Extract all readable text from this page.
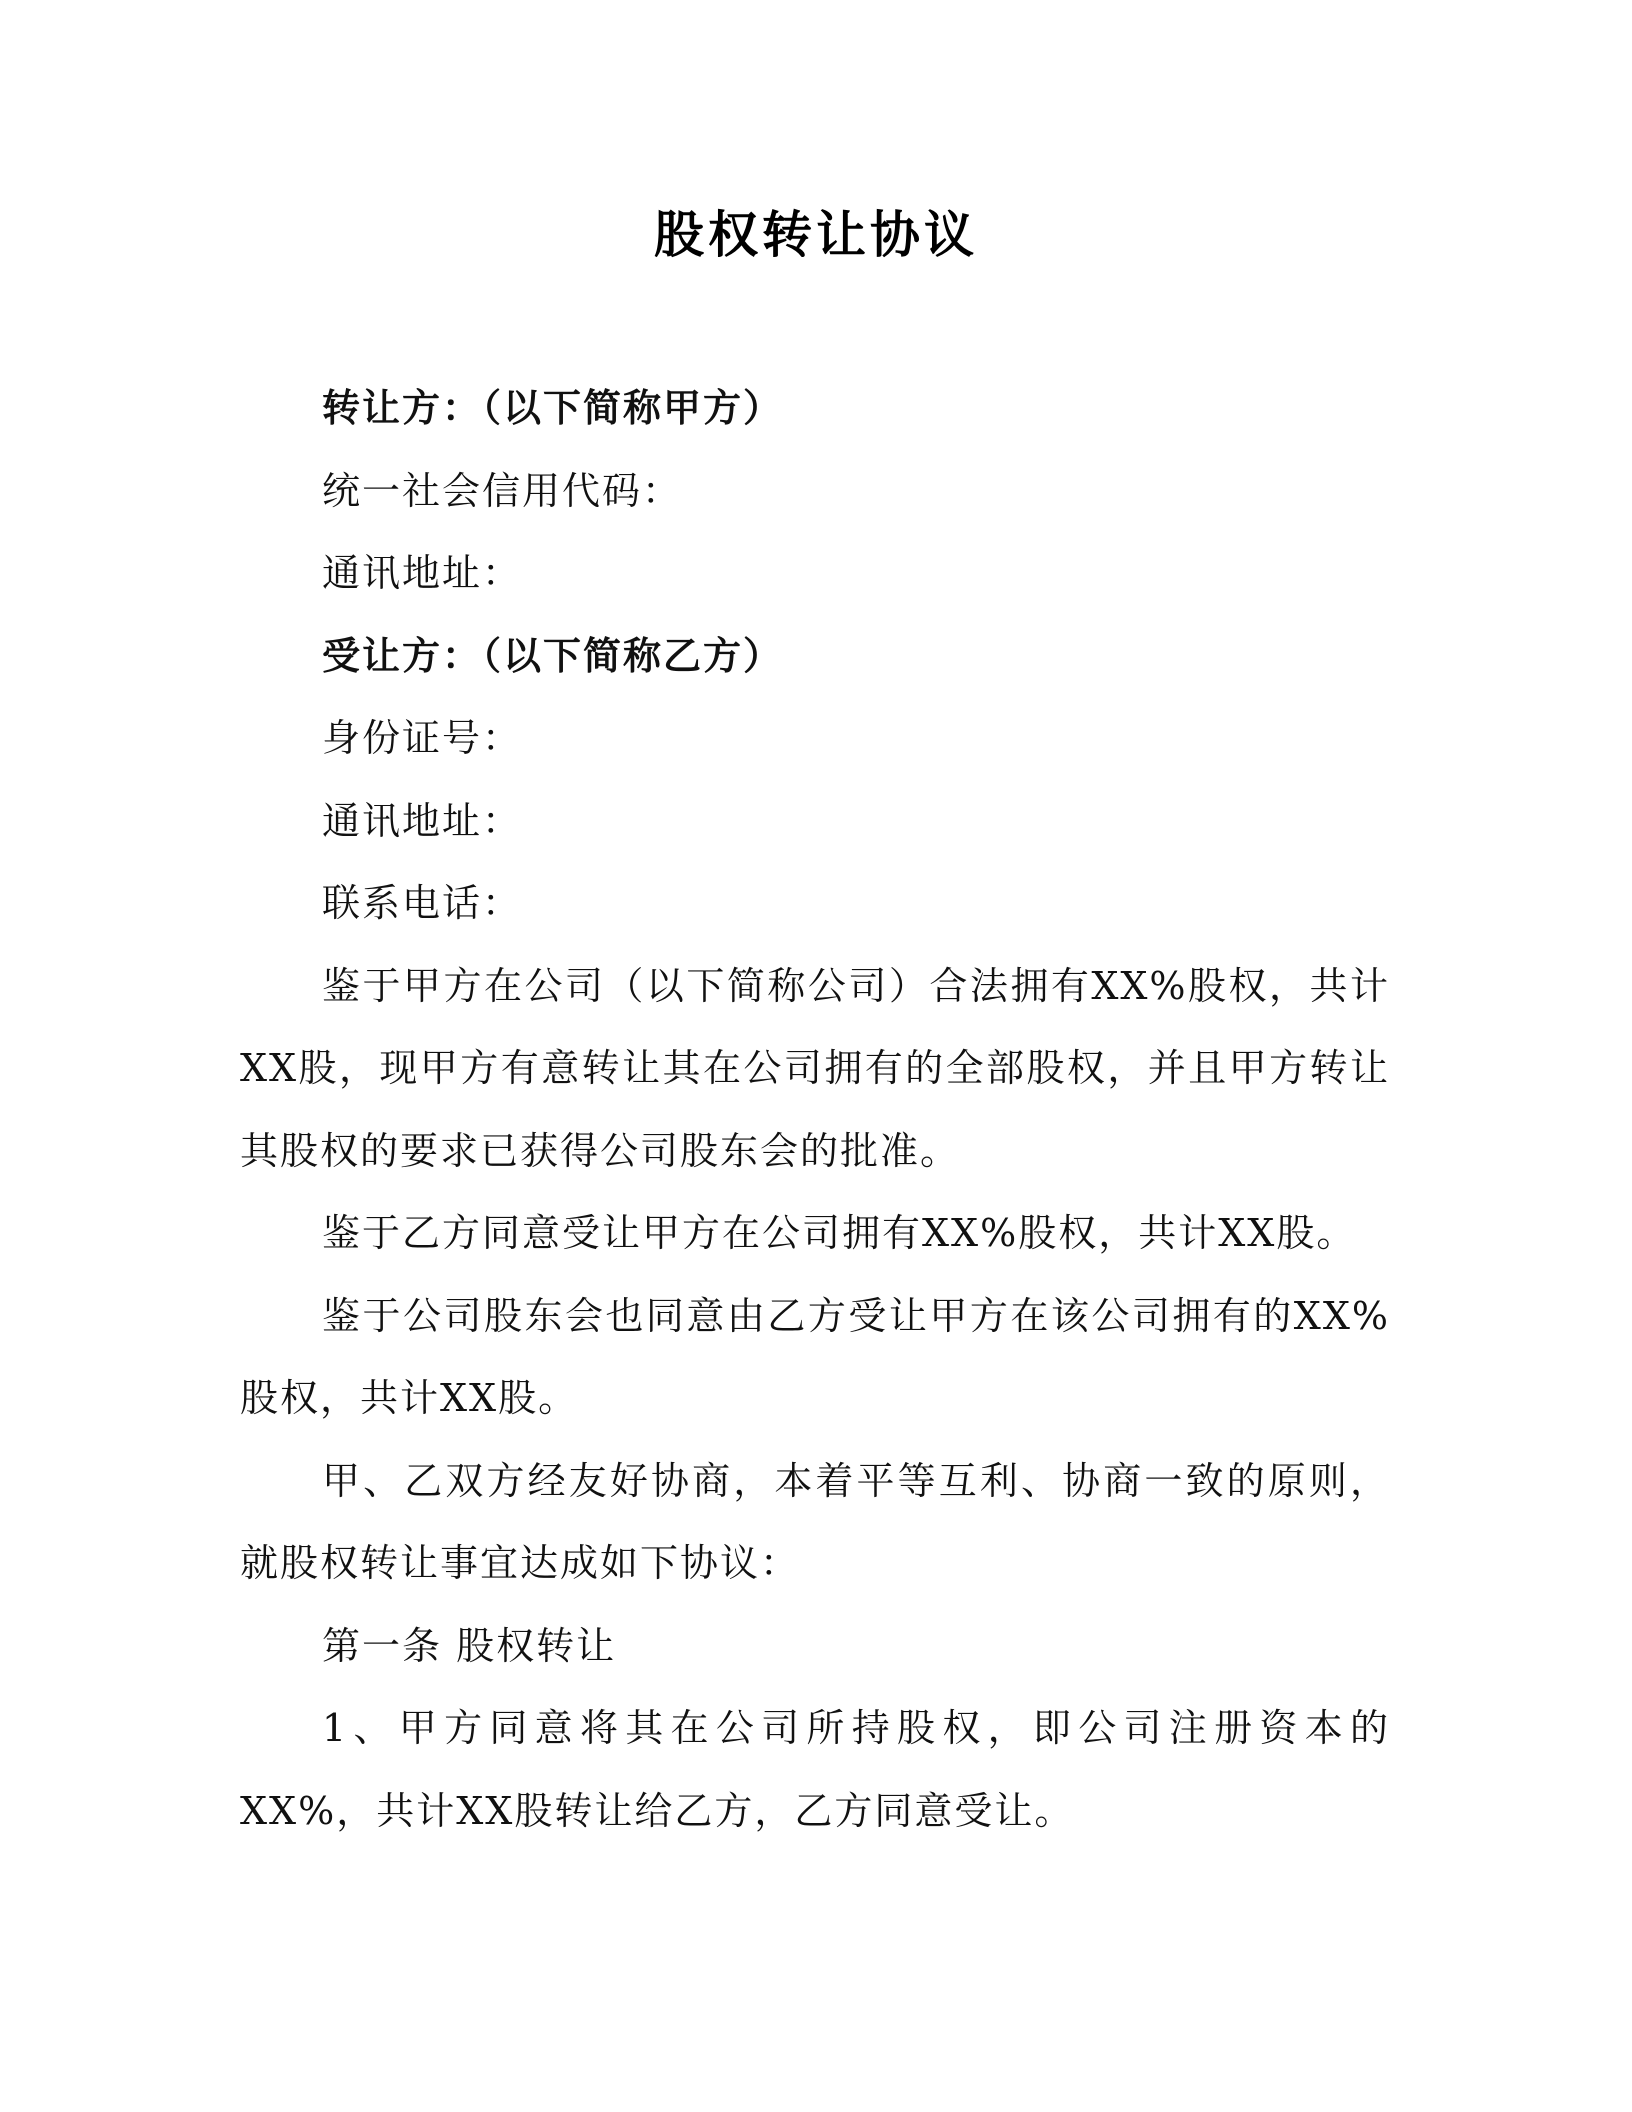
股权转让协议

转让方：（以下简称甲方）

统一社会信用代码：

通讯地址：

受让方：（以下简称乙方）

身份证号：

通讯地址：

联系电话：

鉴于甲方在公司（以下简称公司）合法拥有XX%股权，共计XX股，现甲方有意转让其在公司拥有的全部股权，并且甲方转让其股权的要求已获得公司股东会的批准。

鉴于乙方同意受让甲方在公司拥有XX%股权，共计XX股。

鉴于公司股东会也同意由乙方受让甲方在该公司拥有的XX%股权，共计XX股。

甲、乙双方经友好协商，本着平等互利、协商一致的原则，就股权转让事宜达成如下协议：

第一条 股权转让

1、甲方同意将其在公司所持股权，即公司注册资本的XX%，共计XX股转让给乙方，乙方同意受让。
